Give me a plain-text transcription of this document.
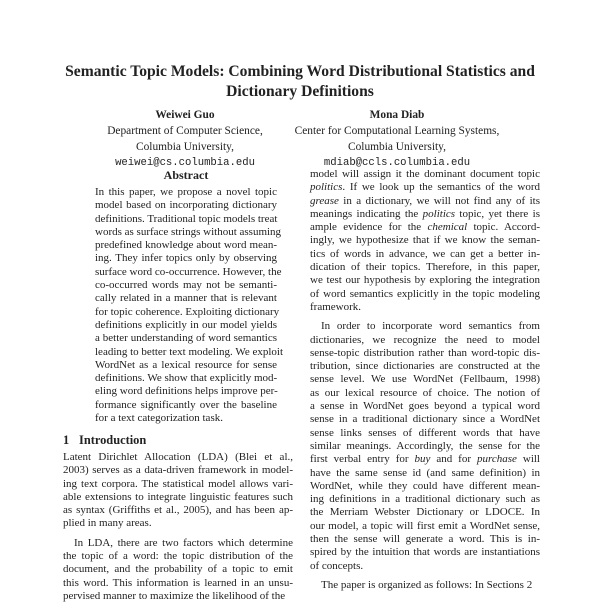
Semantic Topic Models: Combining Word Distributional Statistics and
Dictionary Definitions
Weiwei Guo
Department of Computer Science,
Columbia University,
weiwei@cs.columbia.edu
Mona Diab
Center for Computational Learning Systems,
Columbia University,
mdiab@ccls.columbia.edu
Abstract
In this paper, we propose a novel topic
model based on incorporating dictionary
definitions. Traditional topic models treat
words as surface strings without assuming
predefined knowledge about word mean-
ing. They infer topics only by observing
surface word co-occurrence. However, the
co-occurred words may not be semanti-
cally related in a manner that is relevant
for topic coherence. Exploiting dictionary
definitions explicitly in our model yields
a better understanding of word semantics
leading to better text modeling. We exploit
WordNet as a lexical resource for sense
definitions. We show that explicitly mod-
eling word definitions helps improve per-
formance significantly over the baseline
for a text categorization task.
1 Introduction
Latent Dirichlet Allocation (LDA) (Blei et al.,
2003) serves as a data-driven framework in model-
ing text corpora. The statistical model allows vari-
able extensions to integrate linguistic features such
as syntax (Griffiths et al., 2005), and has been ap-
plied in many areas.
In LDA, there are two factors which determine
the topic of a word: the topic distribution of the
document, and the probability of a topic to emit
this word. This information is learned in an unsu-
pervised manner to maximize the likelihood of the
model will assign it the dominant document topic
politics. If we look up the semantics of the word
grease in a dictionary, we will not find any of its
meanings indicating the politics topic, yet there is
ample evidence for the chemical topic. Accord-
ingly, we hypothesize that if we know the seman-
tics of words in advance, we can get a better in-
dication of their topics. Therefore, in this paper,
we test our hypothesis by exploring the integration
of word semantics explicitly in the topic modeling
framework.
In order to incorporate word semantics from
dictionaries, we recognize the need to model
sense-topic distribution rather than word-topic dis-
tribution, since dictionaries are constructed at the
sense level. We use WordNet (Fellbaum, 1998)
as our lexical resource of choice. The notion of
a sense in WordNet goes beyond a typical word
sense in a traditional dictionary since a WordNet
sense links senses of different words that have
similar meanings. Accordingly, the sense for the
first verbal entry for buy and for purchase will
have the same sense id (and same definition) in
WordNet, while they could have different mean-
ing definitions in a traditional dictionary such as
the Merriam Webster Dictionary or LDOCE. In
our model, a topic will first emit a WordNet sense,
then the sense will generate a word. This is in-
spired by the intuition that words are instantiations
of concepts.
The paper is organized as follows: In Sections 2
